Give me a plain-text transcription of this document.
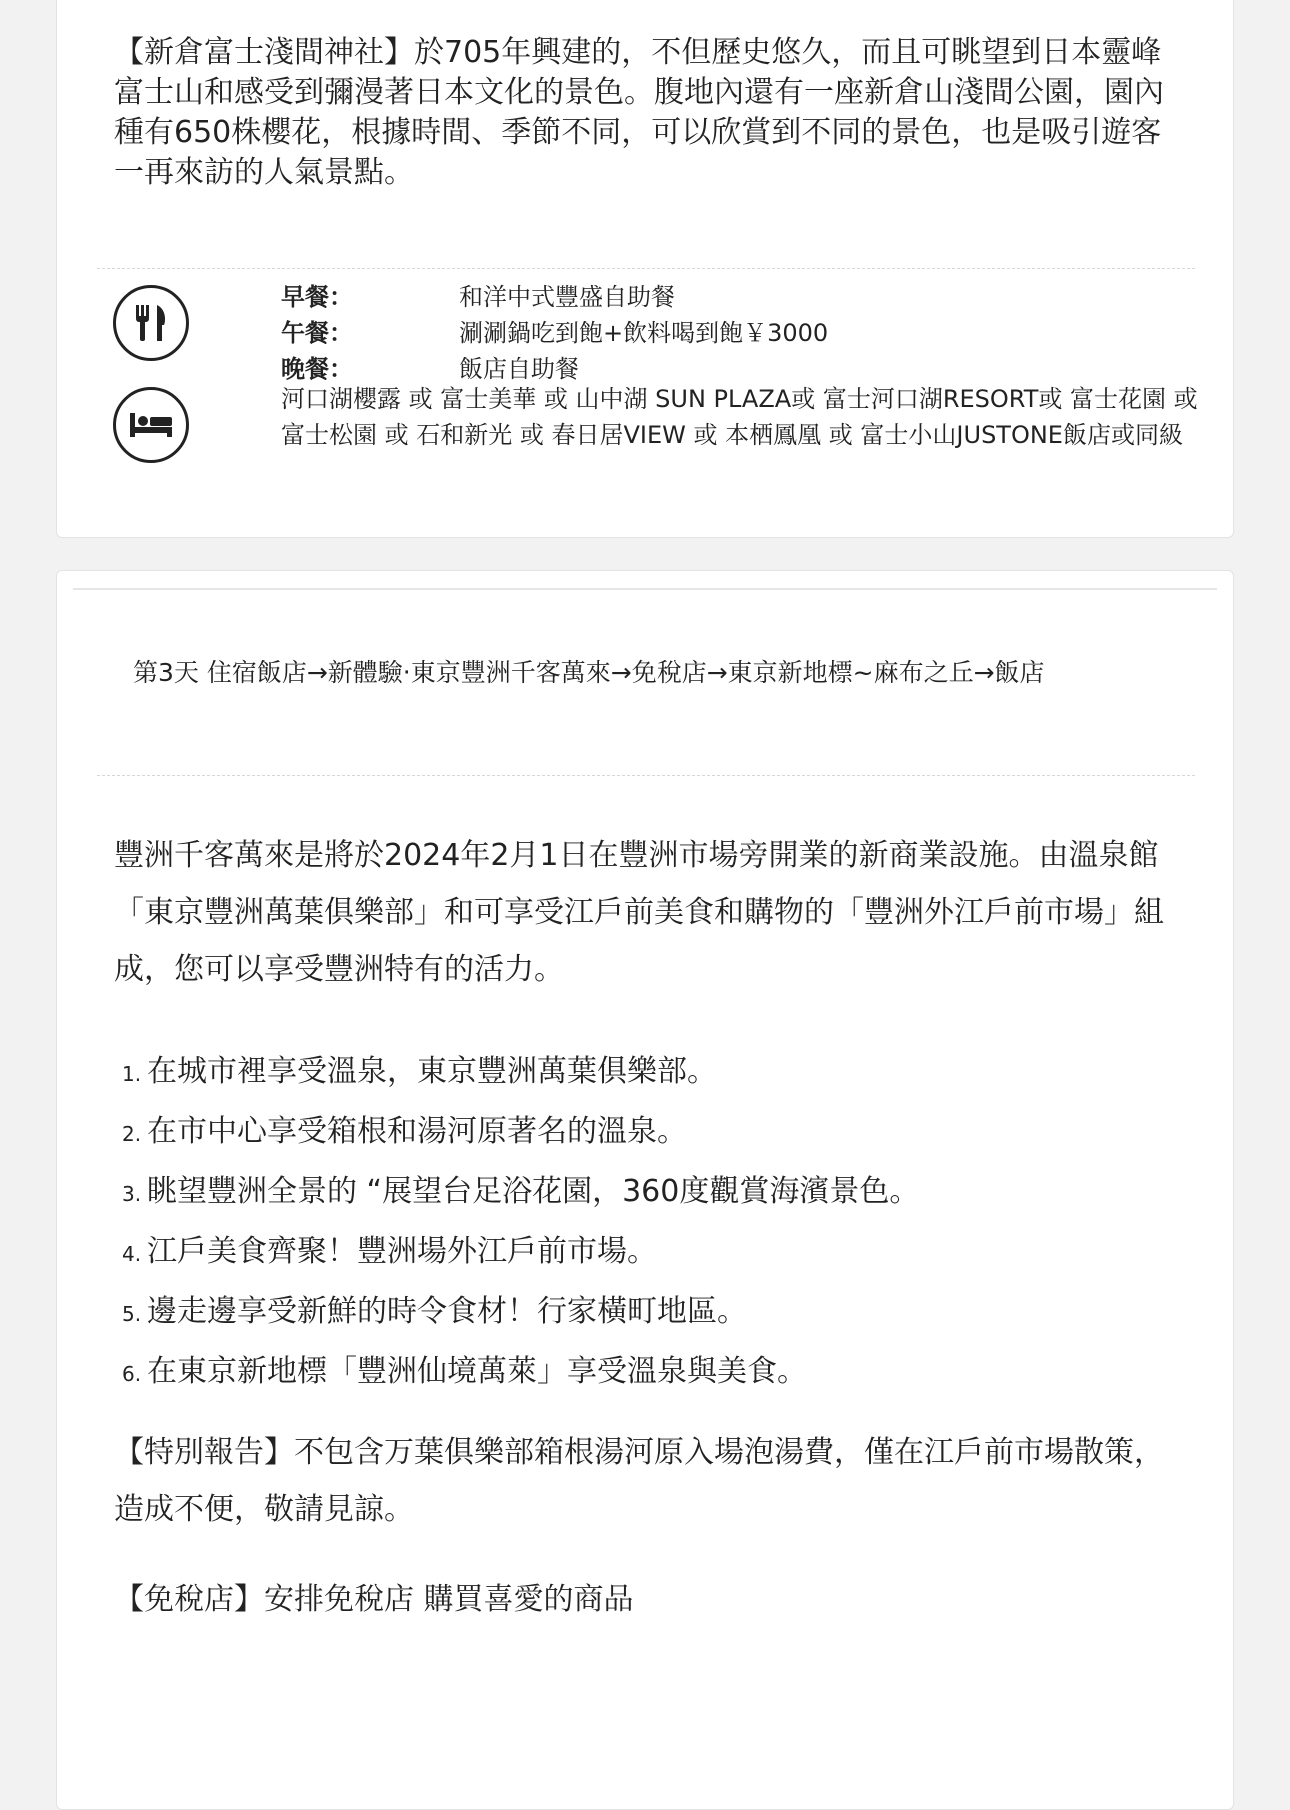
【新倉富士淺間神社】於705年興建的，不但歷史悠久，而且可眺望到日本靈峰 富士山和感受到彌漫著日本文化的景色。腹地內還有一座新倉山淺間公園，園內種有650株櫻花，根據時間、季節不同，可以欣賞到不同的景色，也是吸引遊客一再來訪的人氣景點。

早餐：	和洋中式豐盛自助餐
午餐：	涮涮鍋吃到飽+飲料喝到飽￥3000
晚餐：	飯店自助餐
河口湖櫻露 或 富士美華 或 山中湖 SUN PLAZA或 富士河口湖RESORT或 富士花園 或 富士松園 或 石和新光 或 春日居VIEW 或 本栖鳳凰 或 富士小山JUSTONE飯店或同級
第3天 住宿飯店→新體驗‧東京豐洲千客萬來→免稅店→東京新地標~麻布之丘→飯店

豐洲千客萬來是將於2024年2月1日在豐洲市場旁開業的新商業設施。由溫泉館「東京豐洲萬葉俱樂部」和可享受江戶前美食和購物的「豐洲外江戶前市場」組成，您可以享受豐洲特有的活力。

1. 在城市裡享受溫泉，東京豐洲萬葉俱樂部。
2. 在市中心享受箱根和湯河原著名的溫泉。
3. 眺望豐洲全景的 “展望台足浴花園，360度觀賞海濱景色。
4. 江戶美食齊聚！豐洲場外江戶前市場。
5. 邊走邊享受新鮮的時令食材！行家橫町地區。
6. 在東京新地標「豐洲仙境萬萊」享受溫泉與美食。

【特別報告】不包含万葉俱樂部箱根湯河原入場泡湯費，僅在江戶前市場散策，造成不便，敬請見諒。

【免稅店】安排免稅店 購買喜愛的商品
